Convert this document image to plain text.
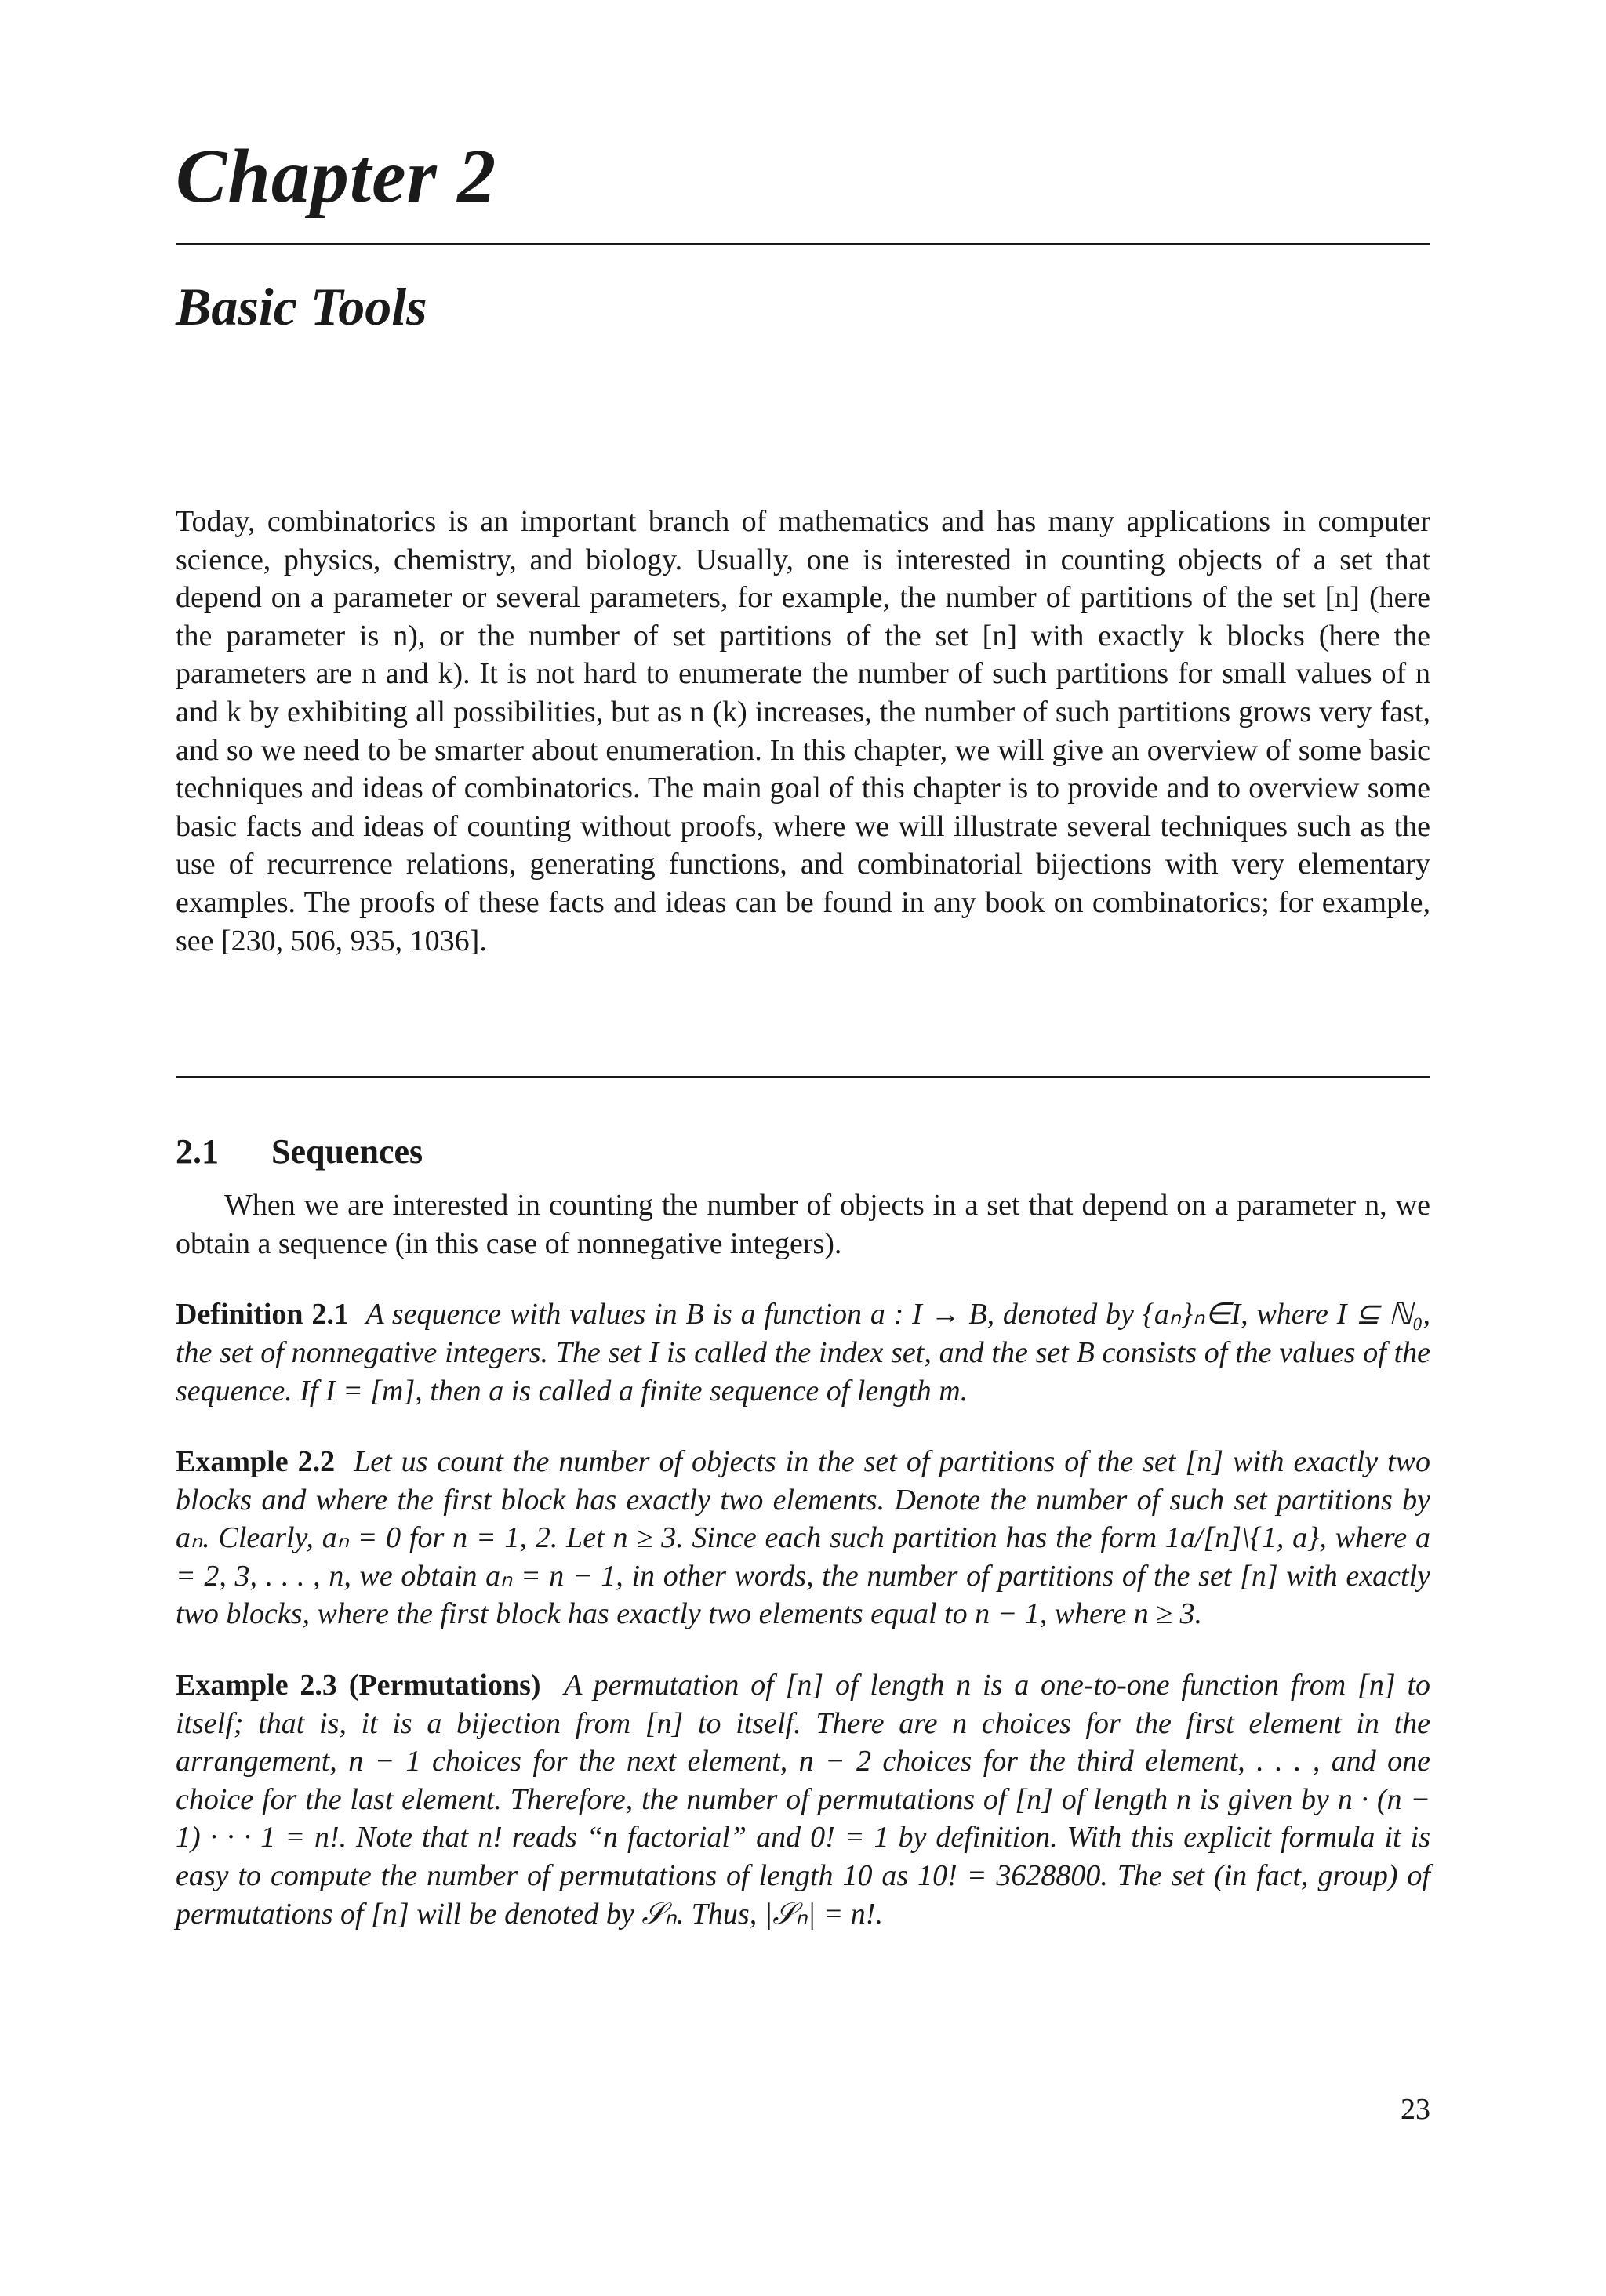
Chapter 2
Basic Tools

Today, combinatorics is an important branch of mathematics and has many applications in computer science, physics, chemistry, and biology. Usually, one is interested in counting objects of a set that depend on a parameter or several parameters, for example, the number of partitions of the set [n] (here the parameter is n), or the number of set partitions of the set [n] with exactly k blocks (here the parameters are n and k). It is not hard to enumerate the number of such partitions for small values of n and k by exhibiting all possibilities, but as n (k) increases, the number of such partitions grows very fast, and so we need to be smarter about enumeration. In this chapter, we will give an overview of some basic techniques and ideas of combinatorics. The main goal of this chapter is to provide and to overview some basic facts and ideas of counting without proofs, where we will illustrate several techniques such as the use of recurrence relations, generating functions, and combinatorial bijections with very elementary examples. The proofs of these facts and ideas can be found in any book on combinatorics; for example, see [230, 506, 935, 1036].

2.1 Sequences

When we are interested in counting the number of objects in a set that depend on a parameter n, we obtain a sequence (in this case of nonnegative integers).

Definition 2.1 A sequence with values in B is a function a : I → B, denoted by {aₙ}ₙ∈I, where I ⊆ ℕ₀, the set of nonnegative integers. The set I is called the index set, and the set B consists of the values of the sequence. If I = [m], then a is called a finite sequence of length m.

Example 2.2 Let us count the number of objects in the set of partitions of the set [n] with exactly two blocks and where the first block has exactly two elements. Denote the number of such set partitions by aₙ. Clearly, aₙ = 0 for n = 1, 2. Let n ≥ 3. Since each such partition has the form 1a/[n]\{1, a}, where a = 2, 3, . . . , n, we obtain aₙ = n − 1, in other words, the number of partitions of the set [n] with exactly two blocks, where the first block has exactly two elements equal to n − 1, where n ≥ 3.

Example 2.3 (Permutations) A permutation of [n] of length n is a one-to-one function from [n] to itself; that is, it is a bijection from [n] to itself. There are n choices for the first element in the arrangement, n − 1 choices for the next element, n − 2 choices for the third element, . . . , and one choice for the last element. Therefore, the number of permutations of [n] of length n is given by n · (n − 1) · · · 1 = n!. Note that n! reads “n factorial” and 0! = 1 by definition. With this explicit formula it is easy to compute the number of permutations of length 10 as 10! = 3628800. The set (in fact, group) of permutations of [n] will be denoted by 𝒮ₙ. Thus, |𝒮ₙ| = n!.

23
